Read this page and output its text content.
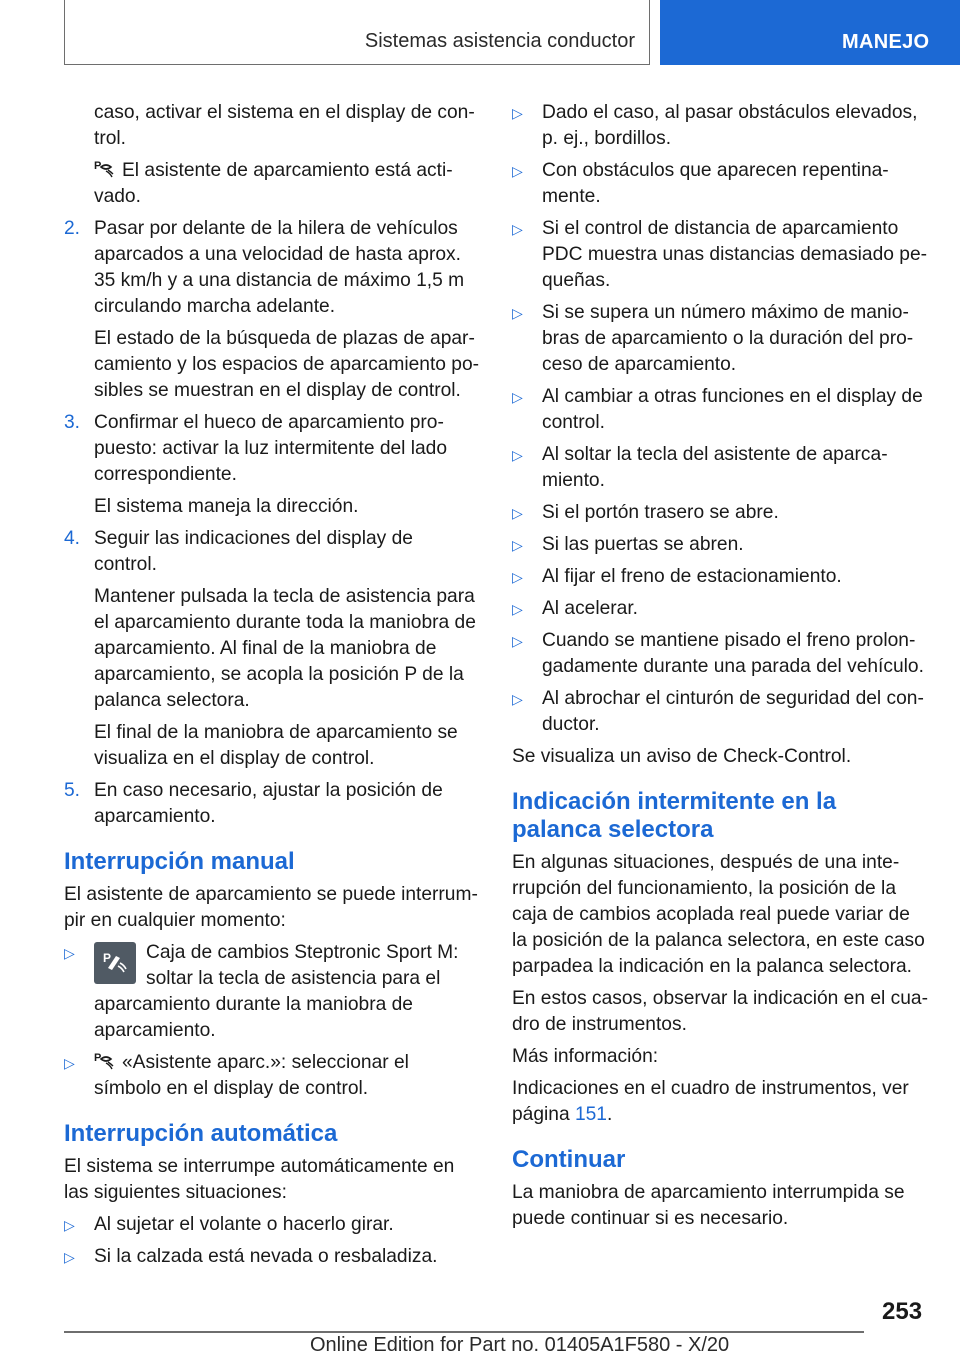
Sistemas asistencia conductor	MANEJO

caso, activar el sistema en el display de control.

P El asistente de aparcamiento está activado.

2. Pasar por delante de la hilera de vehículos aparcados a una velocidad de hasta aprox. 35 km/h y a una distancia de máximo 1,5 m circulando marcha adelante.

El estado de la búsqueda de plazas de aparcamiento y los espacios de aparcamiento posibles se muestran en el display de control.

3. Confirmar el hueco de aparcamiento propuesto: activar la luz intermitente del lado correspondiente.

El sistema maneja la dirección.

4. Seguir las indicaciones del display de control.

Mantener pulsada la tecla de asistencia para el aparcamiento durante toda la maniobra de aparcamiento. Al final de la maniobra de aparcamiento, se acopla la posición P de la palanca selectora.

El final de la maniobra de aparcamiento se visualiza en el display de control.

5. En caso necesario, ajustar la posición de aparcamiento.
Interrupción manual

El asistente de aparcamiento se puede interrumpir en cualquier momento:

▷	P Caja de cambios Steptronic Sport M: soltar la tecla de asistencia para el aparcamiento durante la maniobra de aparcamiento.
▷	P «Asistente aparc.»: seleccionar el símbolo en el display de control.
Interrupción automática

El sistema se interrumpe automáticamente en las siguientes situaciones:

▷	Al sujetar el volante o hacerlo girar.
▷	Si la calzada está nevada o resbaladiza.
▷	Dado el caso, al pasar obstáculos elevados, p. ej., bordillos.
▷	Con obstáculos que aparecen repentinamente.
▷	Si el control de distancia de aparcamiento PDC muestra unas distancias demasiado pequeñas.
▷	Si se supera un número máximo de maniobras de aparcamiento o la duración del proceso de aparcamiento.
▷	Al cambiar a otras funciones en el display de control.
▷	Al soltar la tecla del asistente de aparcamiento.
▷	Si el portón trasero se abre.
▷	Si las puertas se abren.
▷	Al fijar el freno de estacionamiento.
▷	Al acelerar.
▷	Cuando se mantiene pisado el freno prolongadamente durante una parada del vehículo.
▷	Al abrochar el cinturón de seguridad del conductor.

Se visualiza un aviso de Check-Control.

Indicación intermitente en la palanca selectora

En algunas situaciones, después de una interrupción del funcionamiento, la posición de la caja de cambios acoplada real puede variar de la posición de la palanca selectora, en este caso parpadea la indicación en la palanca selectora.

En estos casos, observar la indicación en el cuadro de instrumentos.

Más información:

Indicaciones en el cuadro de instrumentos, ver página 151.

Continuar

La maniobra de aparcamiento interrumpida se puede continuar si es necesario.

253
Online Edition for Part no. 01405A1F580 - X/20
